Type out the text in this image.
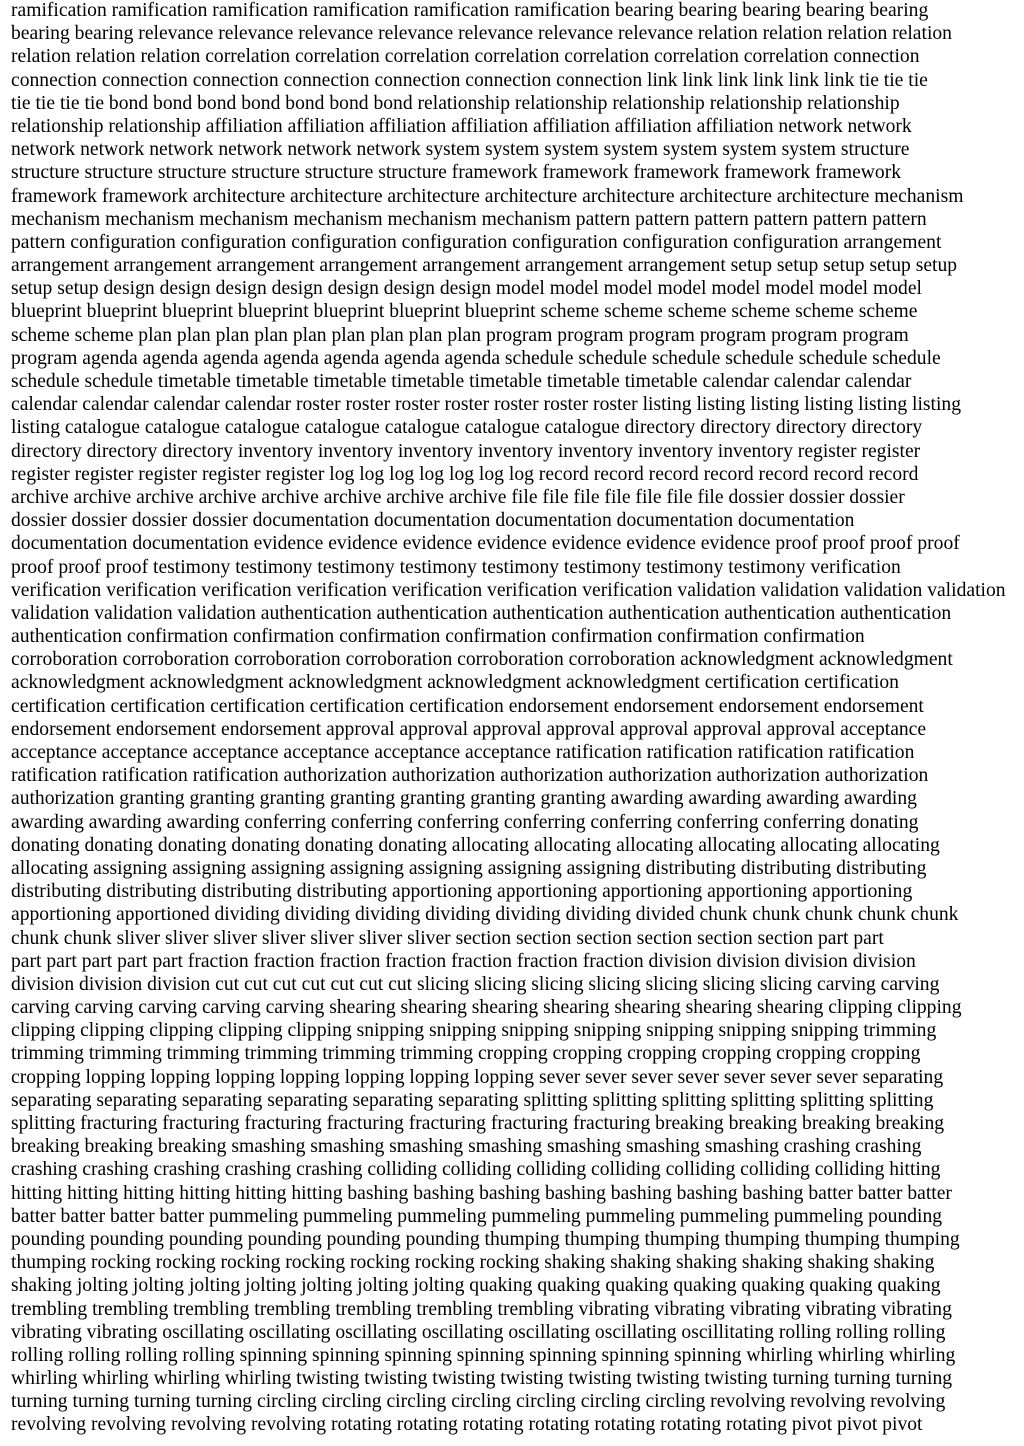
ramification ramification ramification ramification ramification ramification bearing bearing bearing bearing bearing
bearing bearing relevance relevance relevance relevance relevance relevance relevance relation relation relation relation
relation relation relation correlation correlation correlation correlation correlation correlation correlation connection
connection connection connection connection connection connection connection link link link link link link tie tie tie
tie tie tie tie bond bond bond bond bond bond bond relationship relationship relationship relationship relationship
relationship relationship affiliation affiliation affiliation affiliation affiliation affiliation affiliation network network
network network network network network network system system system system system system system structure
structure structure structure structure structure structure framework framework framework framework framework
framework framework architecture architecture architecture architecture architecture architecture architecture mechanism
mechanism mechanism mechanism mechanism mechanism mechanism pattern pattern pattern pattern pattern pattern
pattern configuration configuration configuration configuration configuration configuration configuration arrangement
arrangement arrangement arrangement arrangement arrangement arrangement arrangement setup setup setup setup setup
setup setup design design design design design design design model model model model model model model model
blueprint blueprint blueprint blueprint blueprint blueprint blueprint scheme scheme scheme scheme scheme scheme
scheme scheme plan plan plan plan plan plan plan plan plan program program program program program program
program agenda agenda agenda agenda agenda agenda agenda schedule schedule schedule schedule schedule schedule
schedule schedule timetable timetable timetable timetable timetable timetable timetable calendar calendar calendar
calendar calendar calendar calendar roster roster roster roster roster roster roster listing listing listing listing listing listing
listing catalogue catalogue catalogue catalogue catalogue catalogue catalogue directory directory directory directory
directory directory directory inventory inventory inventory inventory inventory inventory inventory register register
register register register register register log log log log log log log record record record record record record record
archive archive archive archive archive archive archive archive file file file file file file file dossier dossier dossier
dossier dossier dossier dossier documentation documentation documentation documentation documentation
documentation documentation evidence evidence evidence evidence evidence evidence evidence proof proof proof proof
proof proof proof testimony testimony testimony testimony testimony testimony testimony testimony verification
verification verification verification verification verification verification verification validation validation validation validation
validation validation validation authentication authentication authentication authentication authentication authentication
authentication confirmation confirmation confirmation confirmation confirmation confirmation confirmation
corroboration corroboration corroboration corroboration corroboration corroboration acknowledgment acknowledgment
acknowledgment acknowledgment acknowledgment acknowledgment acknowledgment certification certification
certification certification certification certification certification endorsement endorsement endorsement endorsement
endorsement endorsement endorsement approval approval approval approval approval approval approval acceptance
acceptance acceptance acceptance acceptance acceptance acceptance ratification ratification ratification ratification
ratification ratification ratification authorization authorization authorization authorization authorization authorization
authorization granting granting granting granting granting granting granting awarding awarding awarding awarding
awarding awarding awarding conferring conferring conferring conferring conferring conferring conferring donating
donating donating donating donating donating donating allocating allocating allocating allocating allocating allocating
allocating assigning assigning assigning assigning assigning assigning assigning distributing distributing distributing
distributing distributing distributing distributing apportioning apportioning apportioning apportioning apportioning
apportioning apportioned dividing dividing dividing dividing dividing dividing divided chunk chunk chunk chunk chunk
chunk chunk sliver sliver sliver sliver sliver sliver sliver section section section section section section part part
part part part part part fraction fraction fraction fraction fraction fraction fraction division division division division
division division division cut cut cut cut cut cut cut slicing slicing slicing slicing slicing slicing slicing carving carving
carving carving carving carving carving shearing shearing shearing shearing shearing shearing shearing clipping clipping
clipping clipping clipping clipping clipping snipping snipping snipping snipping snipping snipping snipping trimming
trimming trimming trimming trimming trimming trimming cropping cropping cropping cropping cropping cropping
cropping lopping lopping lopping lopping lopping lopping lopping sever sever sever sever sever sever sever separating
separating separating separating separating separating separating splitting splitting splitting splitting splitting splitting
splitting fracturing fracturing fracturing fracturing fracturing fracturing fracturing breaking breaking breaking breaking
breaking breaking breaking smashing smashing smashing smashing smashing smashing smashing crashing crashing
crashing crashing crashing crashing crashing colliding colliding colliding colliding colliding colliding colliding hitting
hitting hitting hitting hitting hitting hitting bashing bashing bashing bashing bashing bashing bashing batter batter batter
batter batter batter batter pummeling pummeling pummeling pummeling pummeling pummeling pummeling pounding
pounding pounding pounding pounding pounding pounding thumping thumping thumping thumping thumping thumping
thumping rocking rocking rocking rocking rocking rocking rocking shaking shaking shaking shaking shaking shaking
shaking jolting jolting jolting jolting jolting jolting jolting quaking quaking quaking quaking quaking quaking quaking
trembling trembling trembling trembling trembling trembling trembling vibrating vibrating vibrating vibrating vibrating
vibrating vibrating oscillating oscillating oscillating oscillating oscillating oscillating oscillitating rolling rolling rolling
rolling rolling rolling rolling spinning spinning spinning spinning spinning spinning spinning whirling whirling whirling
whirling whirling whirling whirling twisting twisting twisting twisting twisting twisting twisting turning turning turning
turning turning turning turning circling circling circling circling circling circling circling revolving revolving revolving
revolving revolving revolving revolving rotating rotating rotating rotating rotating rotating rotating pivot pivot pivot
